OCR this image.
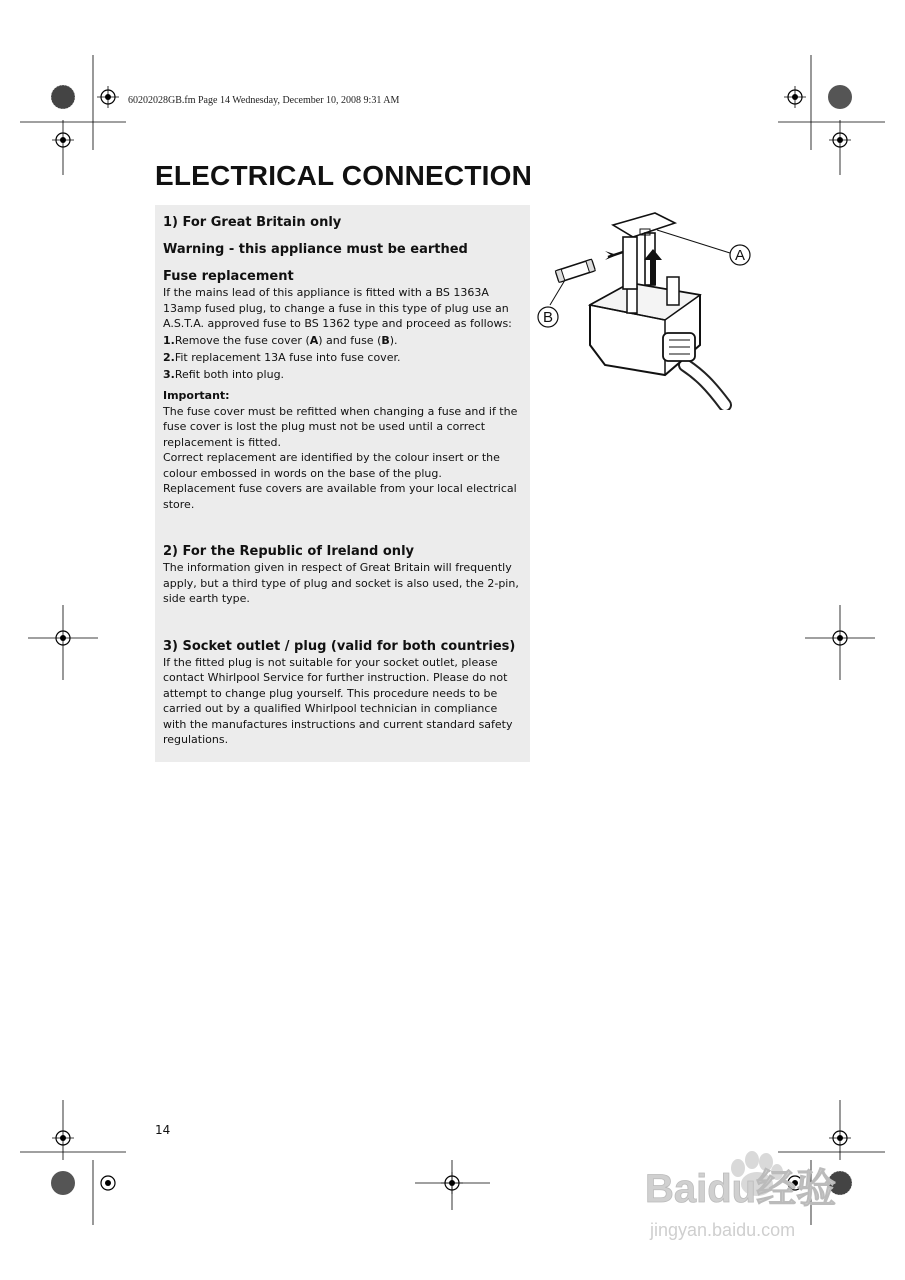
60202028GB.fm Page 14 Wednesday, December 10, 2008 9:31 AM
ELECTRICAL CONNECTION
1) For Great Britain only
Warning - this appliance must be earthed
Fuse replacement

If the mains lead of this appliance is fitted with a BS 1363A 13amp fused plug, to change a fuse in this type of plug use an A.S.T.A. approved fuse to BS 1362 type and proceed as follows:

1.Remove the fuse cover (A) and fuse (B).
2.Fit replacement 13A fuse into fuse cover.
3.Refit both into plug.
Important:

The fuse cover must be refitted when changing a fuse and if the fuse cover is lost the plug must not be used until a correct replacement is fitted.

Correct replacement are identified by the colour insert or the colour embossed in words on the base of the plug.

Replacement fuse covers are available from your local electrical store.

2) For the Republic of Ireland only

The information given in respect of Great Britain will frequently apply, but a third type of plug and socket is also used, the 2-pin, side earth type.

3) Socket outlet / plug (valid for both countries)

If the fitted plug is not suitable for your socket outlet, please contact Whirlpool Service for further instruction. Please do not attempt to change plug yourself. This procedure needs to be carried out by a qualified Whirlpool technician in compliance with the manufactures instructions and current standard safety regulations.

A
B
14
Baidu经验
jingyan.baidu.com
